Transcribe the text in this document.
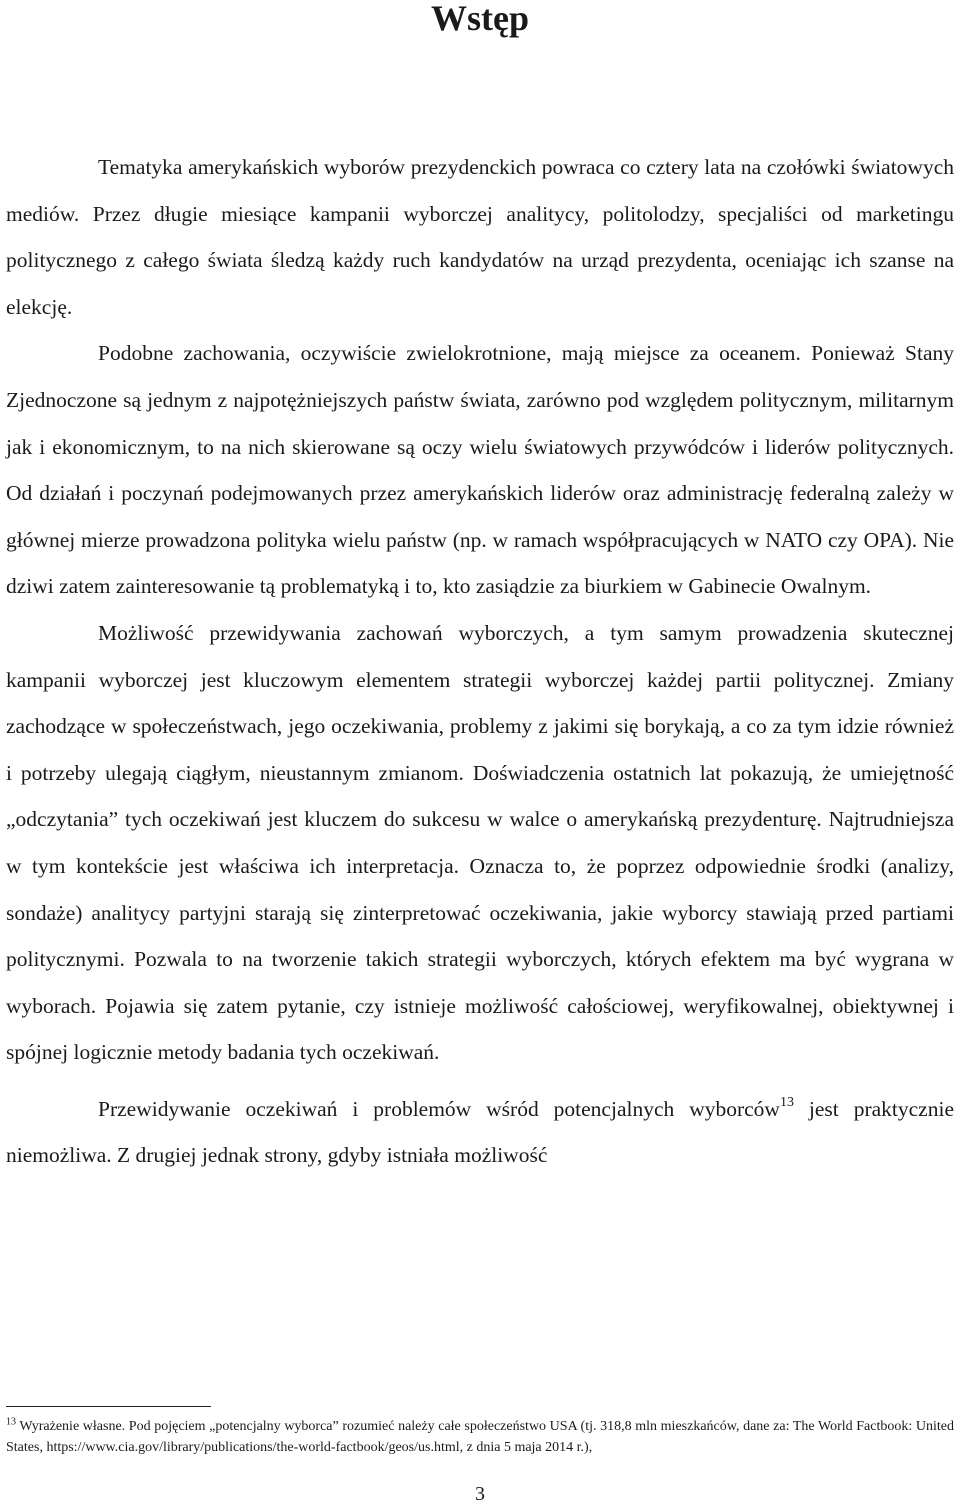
Wstęp

Tematyka amerykańskich wyborów prezydenckich powraca co cztery lata na czołówki światowych mediów. Przez długie miesiące kampanii wyborczej analitycy, politolodzy, specjaliści od marketingu politycznego z całego świata śledzą każdy ruch kandydatów na urząd prezydenta, oceniając ich szanse na elekcję.

Podobne zachowania, oczywiście zwielokrotnione, mają miejsce za oceanem. Ponieważ Stany Zjednoczone są jednym z najpotężniejszych państw świata, zarówno pod względem politycznym, militarnym jak i ekonomicznym, to na nich skierowane są oczy wielu światowych przywódców i liderów politycznych. Od działań i poczynań podejmowanych przez amerykańskich liderów oraz administrację federalną zależy w głównej mierze prowadzona polityka wielu państw (np. w ramach współpracujących w NATO czy OPA). Nie dziwi zatem zainteresowanie tą problematyką i to, kto zasiądzie za biurkiem w Gabinecie Owalnym.

Możliwość przewidywania zachowań wyborczych, a tym samym prowadzenia skutecznej kampanii wyborczej jest kluczowym elementem strategii wyborczej każdej partii politycznej. Zmiany zachodzące w społeczeństwach, jego oczekiwania, problemy z jakimi się borykają, a co za tym idzie również i potrzeby ulegają ciągłym, nieustannym zmianom. Doświadczenia ostatnich lat pokazują, że umiejętność „odczytania” tych oczekiwań jest kluczem do sukcesu w walce o amerykańską prezydenturę. Najtrudniejsza w tym kontekście jest właściwa ich interpretacja. Oznacza to, że poprzez odpowiednie środki (analizy, sondaże) analitycy partyjni starają się zinterpretować oczekiwania, jakie wyborcy stawiają przed partiami politycznymi. Pozwala to na tworzenie takich strategii wyborczych, których efektem ma być wygrana w wyborach. Pojawia się zatem pytanie, czy istnieje możliwość całościowej, weryfikowalnej, obiektywnej i spójnej logicznie metody badania tych oczekiwań.

Przewidywanie oczekiwań i problemów wśród potencjalnych wyborców$^{13}$ jest praktycznie niemożliwa. Z drugiej jednak strony, gdyby istniała możliwość

$^{13}$ Wyrażenie własne. Pod pojęciem „potencjalny wyborca” rozumieć należy całe społeczeństwo USA (tj. 318,8 mln mieszkańców, dane za: The World Factbook: United States, https://www.cia.gov/library/publications/the-world-factbook/geos/us.html, z dnia 5 maja 2014 r.),
3
